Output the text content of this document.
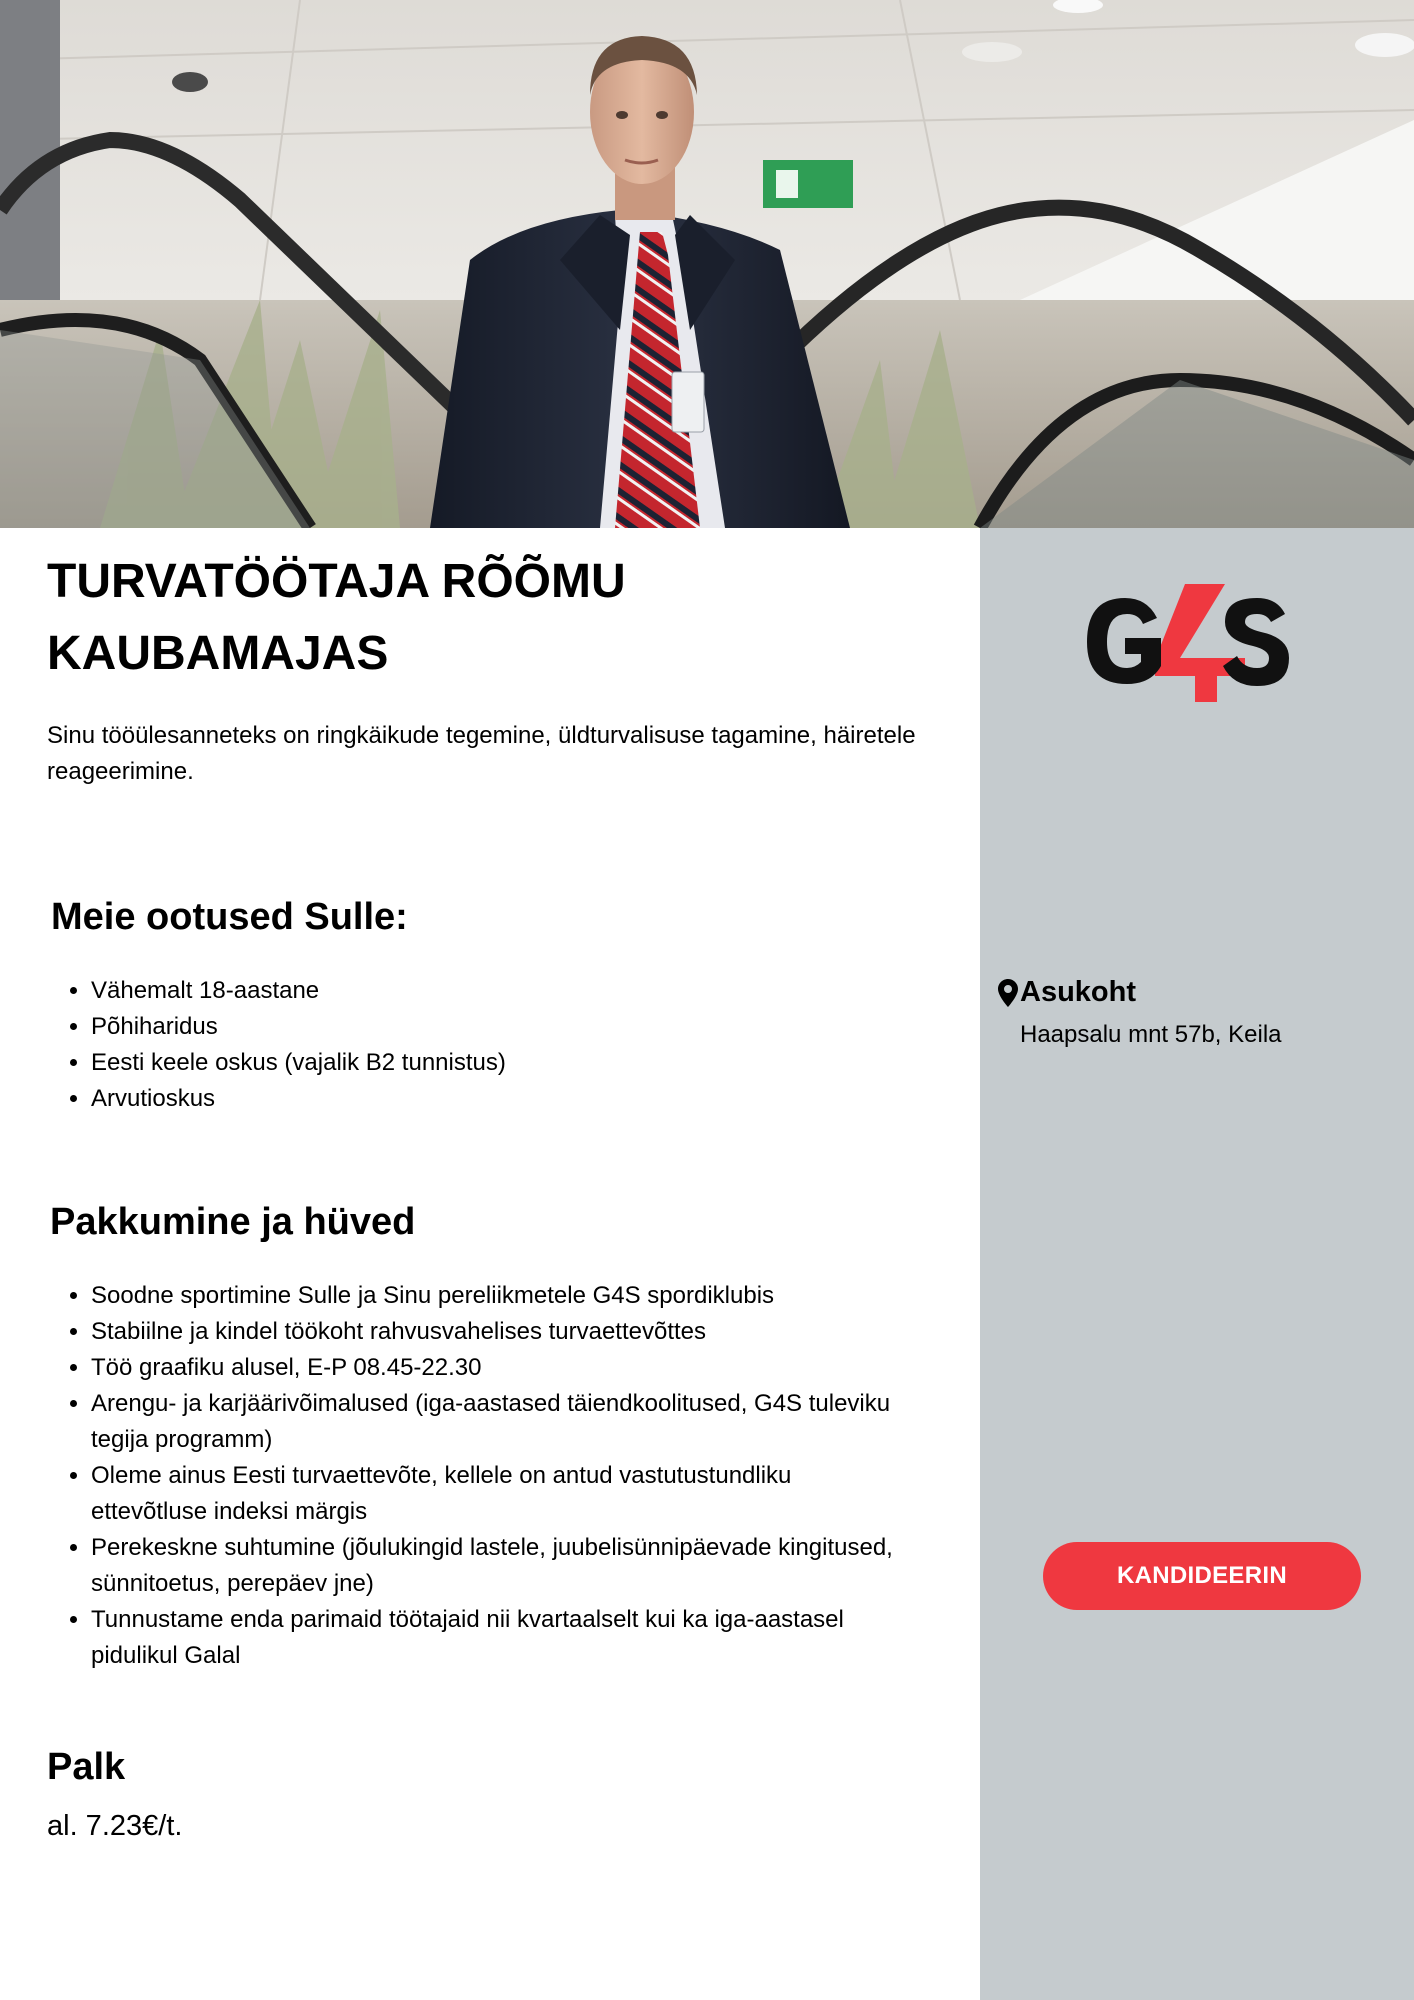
TURVATÖÖTAJA RÕÕMU
KAUBAMAJAS

Sinu tööülesanneteks on ringkäikude tegemine, üldturvalisuse tagamine, häiretele reageerimine.

Meie ootused Sulle:
• Vähemalt 18-aastane
• Põhiharidus
• Eesti keele oskus (vajalik B2 tunnistus)
• Arvutioskus
Pakkumine ja hüved
• Soodne sportimine Sulle ja Sinu pereliikmetele G4S spordiklubis
• Stabiilne ja kindel töökoht rahvusvahelises turvaettevõttes
• Töö graafiku alusel, E-P 08.45-22.30
• Arengu- ja karjäärivõimalused (iga-aastased täiendkoolitused, G4S tuleviku tegija programm)
• Oleme ainus Eesti turvaettevõte, kellele on antud vastutustundliku ettevõtluse indeksi märgis
• Perekeskne suhtumine (jõulukingid lastele, juubelisünnipäevade kingitused, sünnitoetus, perepäev jne)
• Tunnustame enda parimaid töötajaid nii kvartaalselt kui ka iga-aastasel pidulikul Galal
Palk

al. 7.23€/t.

G4S
Asukoht
Haapsalu mnt 57b, Keila
KANDIDEERIN
